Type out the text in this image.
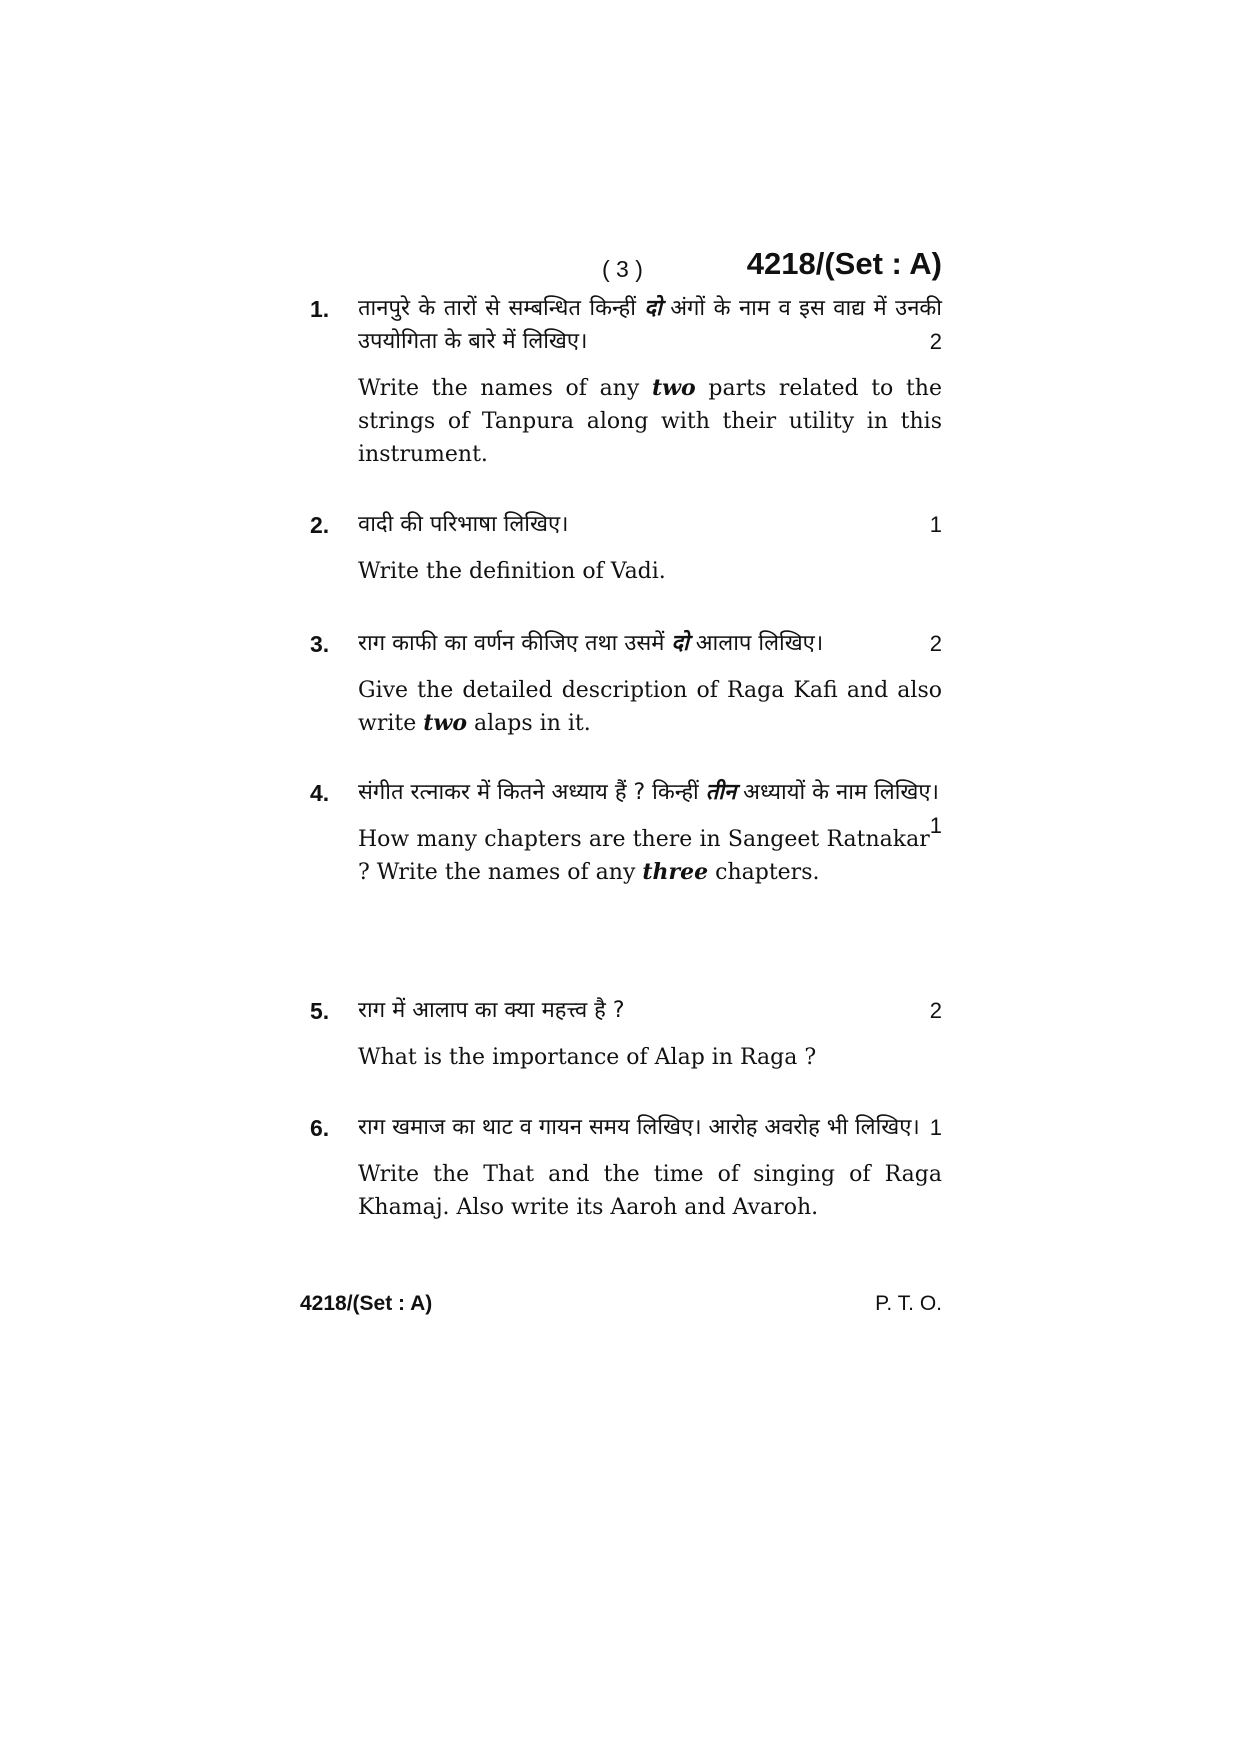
( 3 )	4218/(Set : A)
1. तानपुरे के तारों से सम्बन्धित किन्हीं दो अंगों के नाम व इस वाद्य में उनकी उपयोगिता के बारे में लिखिए।	2
Write the names of any two parts related to the strings of Tanpura along with their utility in this instrument.
2. वादी की परिभाषा लिखिए।	1
Write the definition of Vadi.
3. राग काफी का वर्णन कीजिए तथा उसमें दो आलाप लिखिए।	2
Give the detailed description of Raga Kafi and also write two alaps in it.
4. संगीत रत्नाकर में कितने अध्याय हैं ? किन्हीं तीन अध्यायों के नाम लिखिए।
1
How many chapters are there in Sangeet Ratnakar ? Write the names of any three chapters.
5. राग में आलाप का क्या महत्त्व है ?	2
What is the importance of Alap in Raga ?
6. राग खमाज का थाट व गायन समय लिखिए। आरोह अवरोह भी लिखिए। 1
Write the That and the time of singing of Raga Khamaj. Also write its Aaroh and Avaroh.
4218/(Set : A)	P. T. O.
